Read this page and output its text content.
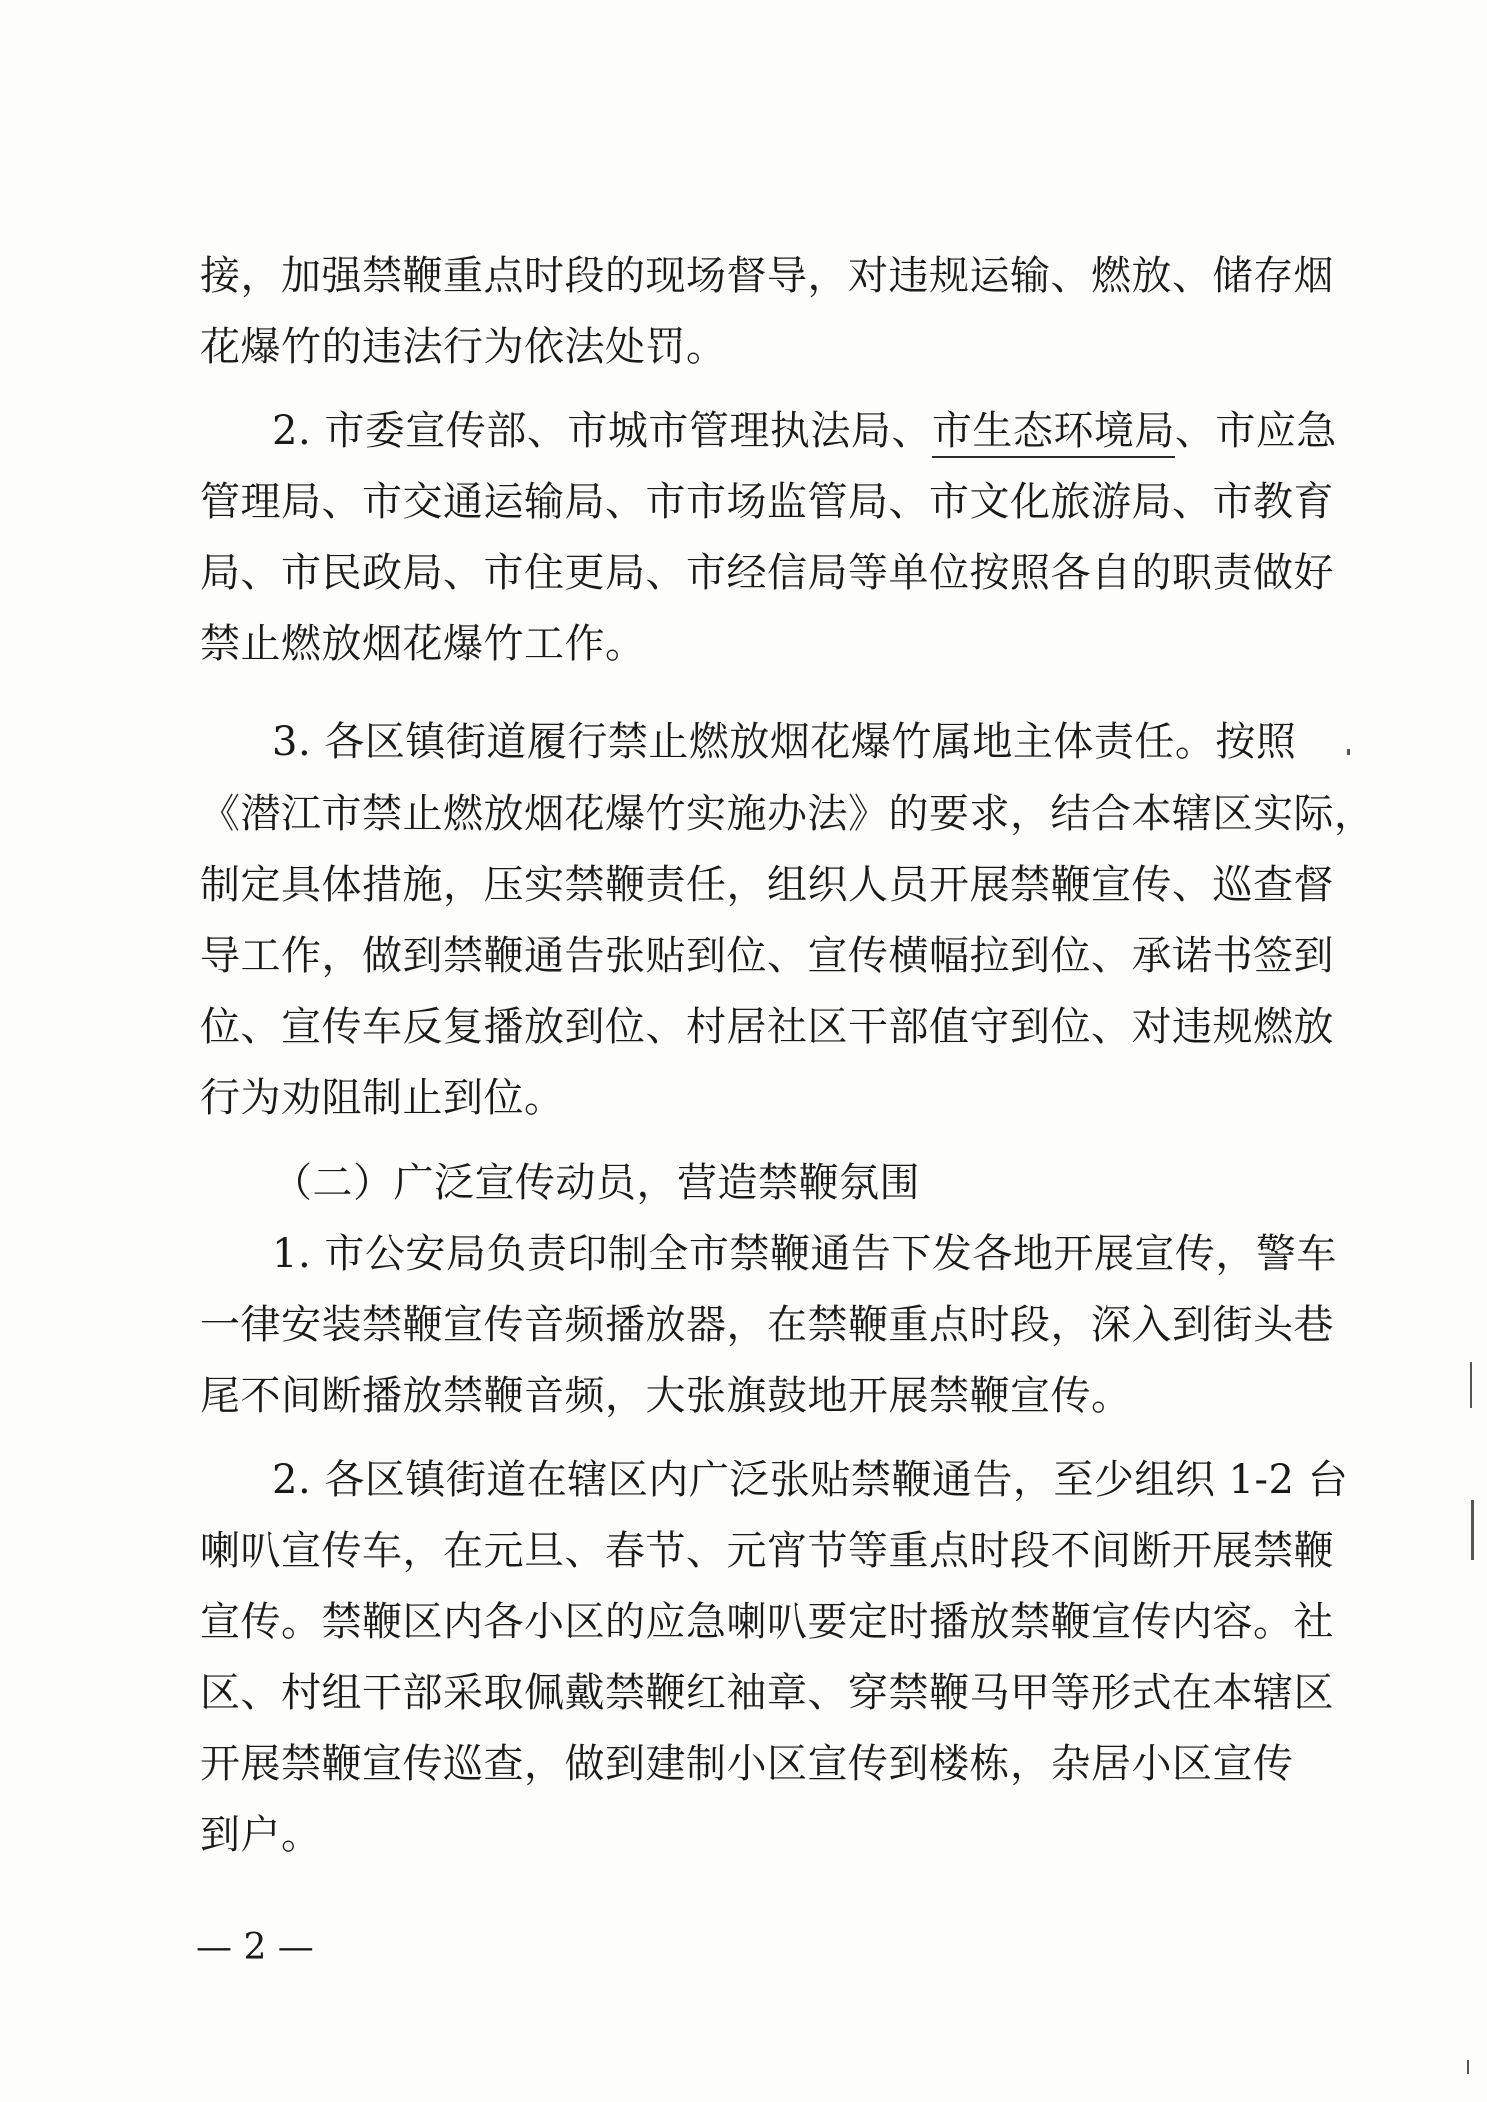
接，加强禁鞭重点时段的现场督导，对违规运输、燃放、储存烟
花爆竹的违法行为依法处罚。
2. 市委宣传部、市城市管理执法局、市生态环境局、市应急
管理局、市交通运输局、市市场监管局、市文化旅游局、市教育
局、市民政局、市住更局、市经信局等单位按照各自的职责做好
禁止燃放烟花爆竹工作。
3. 各区镇街道履行禁止燃放烟花爆竹属地主体责任。按照
《潜江市禁止燃放烟花爆竹实施办法》的要求，结合本辖区实际，
制定具体措施，压实禁鞭责任，组织人员开展禁鞭宣传、巡查督
导工作，做到禁鞭通告张贴到位、宣传横幅拉到位、承诺书签到
位、宣传车反复播放到位、村居社区干部值守到位、对违规燃放
行为劝阻制止到位。
（二）广泛宣传动员，营造禁鞭氛围
1. 市公安局负责印制全市禁鞭通告下发各地开展宣传，警车
一律安装禁鞭宣传音频播放器，在禁鞭重点时段，深入到街头巷
尾不间断播放禁鞭音频，大张旗鼓地开展禁鞭宣传。
2. 各区镇街道在辖区内广泛张贴禁鞭通告，至少组织 1-2 台
喇叭宣传车，在元旦、春节、元宵节等重点时段不间断开展禁鞭
宣传。禁鞭区内各小区的应急喇叭要定时播放禁鞭宣传内容。社
区、村组干部采取佩戴禁鞭红袖章、穿禁鞭马甲等形式在本辖区
开展禁鞭宣传巡查，做到建制小区宣传到楼栋，杂居小区宣传
到户。
— 2 —
